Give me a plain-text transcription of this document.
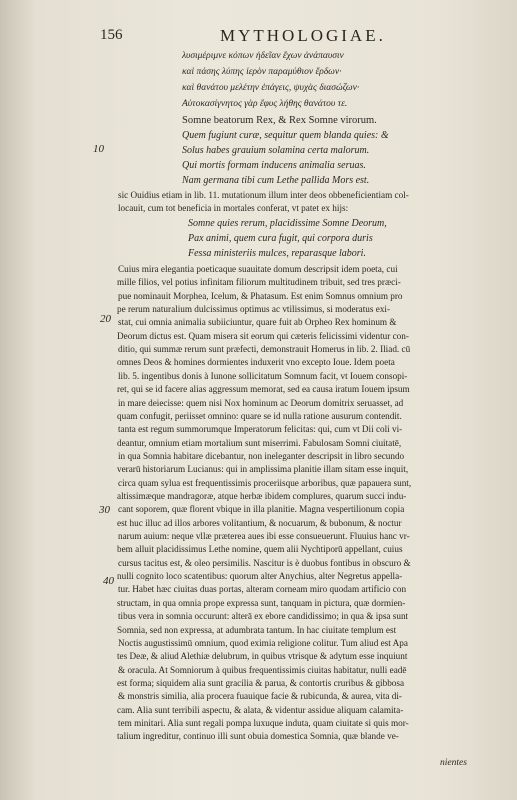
156	MYTHOLOGIAE.
λυσιμέριμνε κόπων ἡδεῖαν ἔχων ἀνάπαυσιν
καὶ πάσης λύπης ἱερὸν παραμύθιον ἔρδων·
καὶ θανάτου μελέτην ἐπάγεις, ψυχὰς διασώζων·
Αὐτοκασίγνητος γὰρ ἔφυς λήθης θανάτου τε.
Somne beatorum Rex, & Rex Somne virorum.
Quem fugiunt curæ, sequitur quem blanda quies: &
Solus habes grauium solamina certa malorum.
Qui mortis formam inducens animalia seruas.
Nam germana tibi cum Lethe pallida Mors est.
sic Ouidius etiam in lib. 11. mutationum illum inter deos obbeneficientiam col-
locauit, cum tot beneficia in mortales conferat, vt patet ex hijs:
Somne quies rerum, placidissime Somne Deorum,
Pax animi, quem cura fugit, qui corpora duris
Fessa ministeriis mulces, reparasque labori.
Cuius mira elegantia poeticaque suauitate domum descripsit idem poeta, cui
mille filios, vel potius infinitam filiorum multitudinem tribuit, sed tres præci-
pue nominauit Morphea, Icelum, & Phatasum. Est enim Somnus omnium pro
pe rerum naturalium dulcissimus optimus ac vtilissimus, si moderatus exi-
stat, cui omnia animalia subiiciuntur, quare fuit ab Orpheo Rex hominum &
Deorum dictus est. Quam misera sit eorum qui cæteris felicissimi videntur con-
ditio, qui summæ rerum sunt præfecti, demonstrauit Homerus in lib. 2. Iliad. cū
omnes Deos & homines dormientes induxerit vno excepto Ioue. Idem poeta
lib. 5. ingentibus donis à Iunone sollicitatum Somnum facit, vt Iouem consopi-
ret, qui se id facere alias aggressum memorat, sed ea causa iratum Iouem ipsum
in mare deiecisse: quem nisi Nox hominum ac Deorum domitrix seruasset, ad
quam confugit, periisset omnino: quare se id nulla ratione ausurum contendit.
tanta est regum summorumque Imperatorum felicitas: qui, cum vt Dii coli vi-
deantur, omnium etiam mortalium sunt miserrimi. Fabulosam Somni ciuitatē,
in qua Somnia habitare dicebantur, non ineleganter descripsit in libro secundo
verarū historiarum Lucianus: qui in amplissima planitie illam sitam esse inquit,
circa quam sylua est frequentissimis proceriisque arboribus, quæ papauera sunt,
altissimæque mandragoræ, atque herbæ ibidem complures, quarum succi indu-
cant soporem, quæ florent vbique in illa planitie. Magna vespertilionum copia
est huc illuc ad illos arbores volitantium, & nocuarum, & bubonum, & noctur
narum auium: neque vllæ præterea aues ibi esse consueuerunt. Fluuius hanc vr-
bem alluit placidissimus Lethe nomine, quem alii Nychtiporū appellant, cuius
cursus tacitus est, & oleo persimilis. Nascitur is è duobus fontibus in obscuro &
nulli cognito loco scatentibus: quorum alter Anychius, alter Negretus appella-
tur. Habet hæc ciuitas duas portas, alteram corneam miro quodam artificio con
structam, in qua omnia prope expressa sunt, tanquam in pictura, quæ dormien-
tibus vera in somnia occurunt: alterā ex ebore candidissimo; in qua & ipsa sunt
Somnia, sed non expressa, at adumbrata tantum. In hac ciuitate templum est
Noctis augustissimū omnium, quod eximia religione colitur. Tum aliud est Apa
tes Deæ, & aliud Alethiæ delubrum, in quibus vtrisque & adytum esse inquiunt
& oracula. At Somniorum à quibus frequentissimis ciuitas habitatur, nulli eadē
est forma; siquidem alia sunt gracilia & parua, & contortis cruribus & gibbosa
& monstris similia, alia procera fuauique facie & rubicunda, & aurea, vita di-
cam. Alia sunt terribili aspectu, & alata, & videntur assidue aliquam calamita-
tem minitari. Alia sunt regali pompa luxuque induta, quam ciuitate si quis mor-
talium ingreditur, continuo illi sunt obuia domestica Somnia, quæ blande ve-
10
20
30
40
nientes
